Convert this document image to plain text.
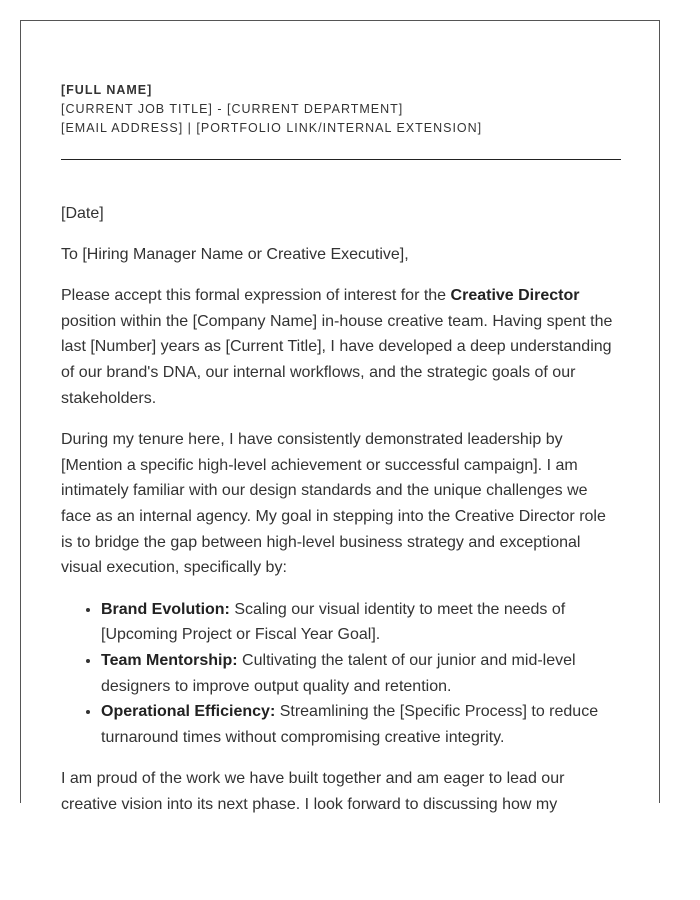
[FULL NAME]
[CURRENT JOB TITLE] - [CURRENT DEPARTMENT]
[EMAIL ADDRESS] | [PORTFOLIO LINK/INTERNAL EXTENSION]

[Date]

To [Hiring Manager Name or Creative Executive],

Please accept this formal expression of interest for the Creative Director position within the [Company Name] in-house creative team. Having spent the last [Number] years as [Current Title], I have developed a deep understanding of our brand's DNA, our internal workflows, and the strategic goals of our stakeholders.

During my tenure here, I have consistently demonstrated leadership by [Mention a specific high-level achievement or successful campaign]. I am intimately familiar with our design standards and the unique challenges we face as an internal agency. My goal in stepping into the Creative Director role is to bridge the gap between high-level business strategy and exceptional visual execution, specifically by:

• Brand Evolution: Scaling our visual identity to meet the needs of [Upcoming Project or Fiscal Year Goal].
• Team Mentorship: Cultivating the talent of our junior and mid-level designers to improve output quality and retention.
• Operational Efficiency: Streamlining the [Specific Process] to reduce turnaround times without compromising creative integrity.

I am proud of the work we have built together and am eager to lead our creative vision into its next phase. I look forward to discussing how my
